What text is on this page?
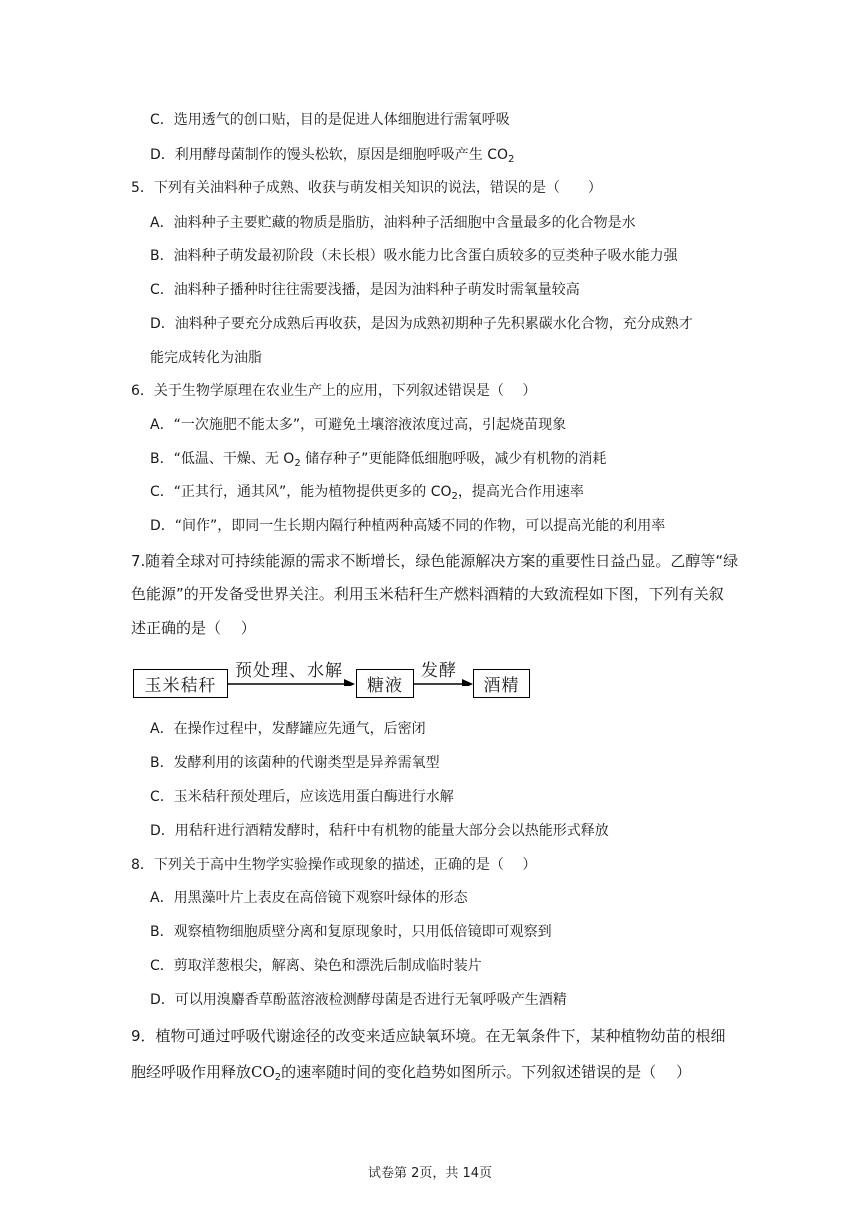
C．选用透气的创口贴，目的是促进人体细胞进行需氧呼吸
D．利用酵母菌制作的馒头松软，原因是细胞呼吸产生 $CO_2$
5．下列有关油料种子成熟、收获与萌发相关知识的说法，错误的是（　　）
A．油料种子主要贮藏的物质是脂肪，油料种子活细胞中含量最多的化合物是水
B．油料种子萌发最初阶段（未长根）吸水能力比含蛋白质较多的豆类种子吸水能力强
C．油料种子播种时往往需要浅播，是因为油料种子萌发时需氧量较高
D．油料种子要充分成熟后再收获，是因为成熟初期种子先积累碳水化合物，充分成熟才
能完成转化为油脂
6．关于生物学原理在农业生产上的应用，下列叙述错误是（　 ）
A．“一次施肥不能太多”，可避免土壤溶液浓度过高，引起烧苗现象
B．“低温、干燥、无 $O_2$ 储存种子”更能降低细胞呼吸，减少有机物的消耗
C．“正其行，通其风”，能为植物提供更多的 $CO_2$，提高光合作用速率
D．“间作”，即同一生长期内隔行种植两种高矮不同的作物，可以提高光能的利用率
7.随着全球对可持续能源的需求不断增长，绿色能源解决方案的重要性日益凸显。乙醇等“绿
色能源”的开发备受世界关注。利用玉米秸秆生产燃料酒精的大致流程如下图，下列有关叙
述正确的是（　 ）
玉米秸秆
预处理、水解
糖液
发酵
酒精
A．在操作过程中，发酵罐应先通气，后密闭
B．发酵利用的该菌种的代谢类型是异养需氧型
C．玉米秸秆预处理后，应该选用蛋白酶进行水解
D．用秸秆进行酒精发酵时，秸秆中有机物的能量大部分会以热能形式释放
8．下列关于高中生物学实验操作或现象的描述，正确的是（　 ）
A．用黑藻叶片上表皮在高倍镜下观察叶绿体的形态
B．观察植物细胞质壁分离和复原现象时，只用低倍镜即可观察到
C．剪取洋葱根尖，解离、染色和漂洗后制成临时装片
D．可以用溴麝香草酚蓝溶液检测酵母菌是否进行无氧呼吸产生酒精
9．植物可通过呼吸代谢途径的改变来适应缺氧环境。在无氧条件下，某种植物幼苗的根细
胞经呼吸作用释放$CO_2$的速率随时间的变化趋势如图所示。下列叙述错误的是（　 ）
试卷第 2页，共 14页
